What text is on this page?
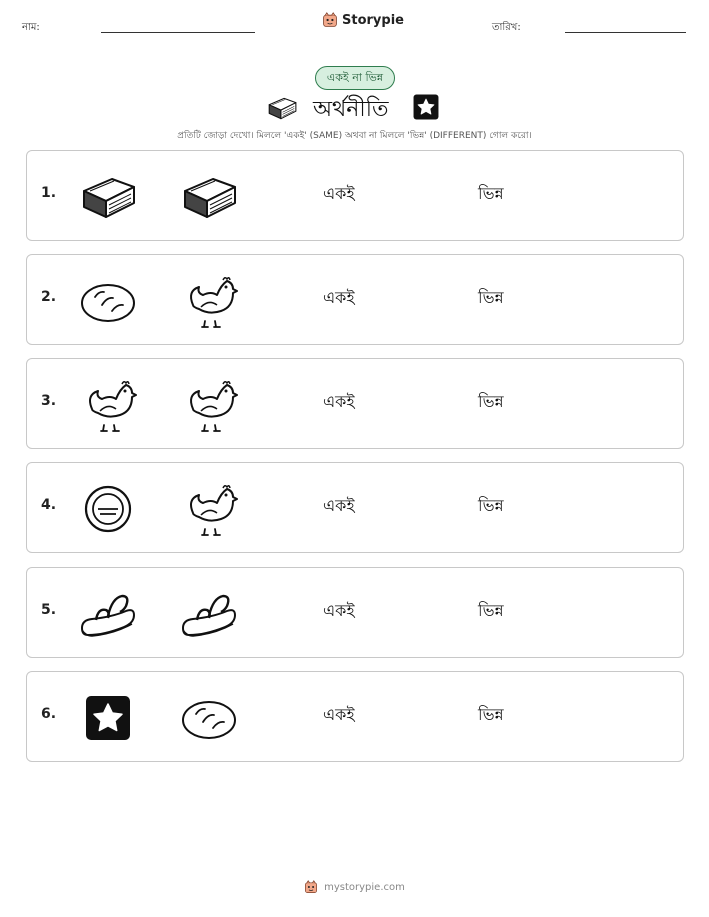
নাম:	Storypie	তারিখ:
একই না ভিন্ন
অর্থনীতি
প্রতিটি জোড়া দেখো। মিললে 'একই' (SAME) অথবা না মিললে 'ভিন্ন' (DIFFERENT) গোল করো।
1.	একই	ভিন্ন
2.	একই	ভিন্ন
3.	একই	ভিন্ন
4.	একই	ভিন্ন
5.	একই	ভিন্ন
6.	একই	ভিন্ন
mystorypie.com
